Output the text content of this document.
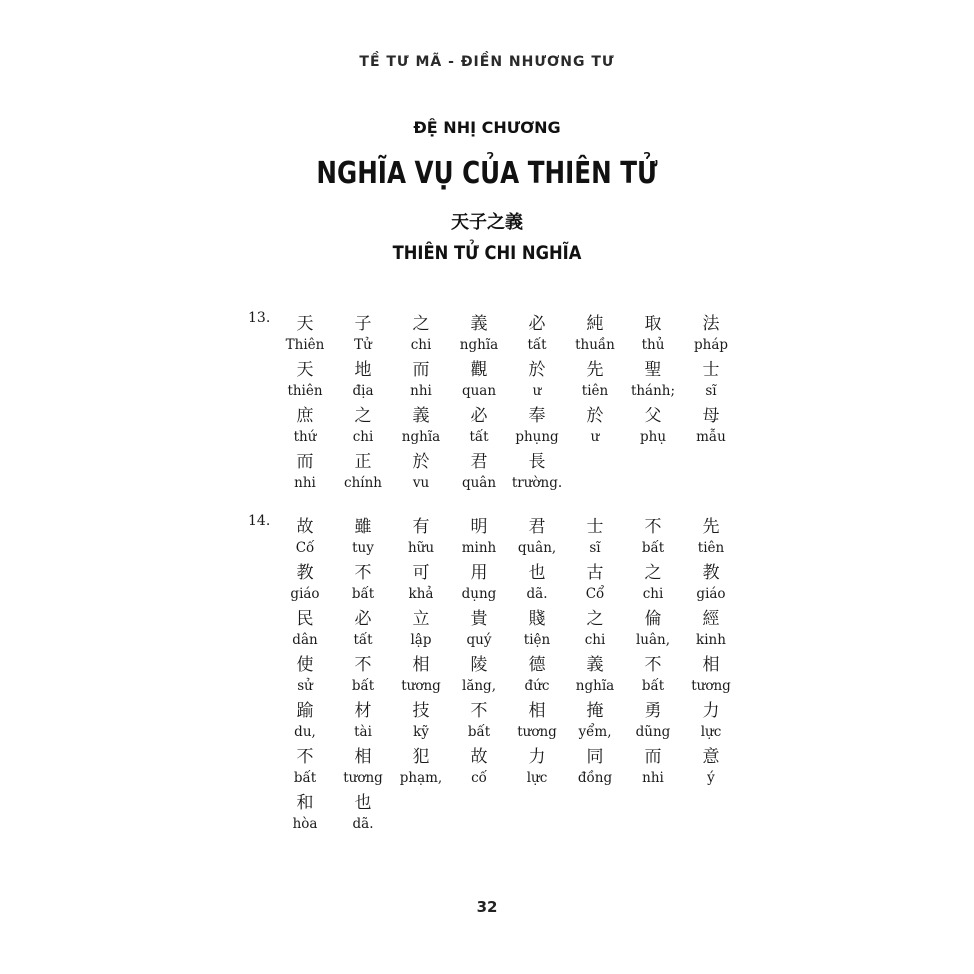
TỀ TƯ MÃ - ĐIỀN NHƯƠNG TƯ
ĐỆ NHỊ CHƯƠNG
NGHĨA VỤ CỦA THIÊN TỬ
天子之義
THIÊN TỬ CHI NGHĨA
13.	天	子	之	義	必	純	取	法
Thiên	Tử	chi	nghĩa	tất	thuần	thủ	pháp
天	地	而	觀	於	先	聖	士
thiên	địa	nhi	quan	ư	tiên	thánh;	sĩ
庶	之	義	必	奉	於	父	母
thứ	chi	nghĩa	tất	phụng	ư	phụ	mẫu
而	正	於	君	長
nhi	chính	vu	quân	trường.
14.	故	雖	有	明	君	士	不	先
Cố	tuy	hữu	minh	quân,	sĩ	bất	tiên
教	不	可	用	也	古	之	教
giáo	bất	khả	dụng	dã.	Cổ	chi	giáo
民	必	立	貴	賤	之	倫	經
dân	tất	lập	quý	tiện	chi	luân,	kinh
使	不	相	陵	德	義	不	相
sử	bất	tương	lăng,	đức	nghĩa	bất	tương
踰	材	技	不	相	掩	勇	力
du,	tài	kỹ	bất	tương	yểm,	dũng	lực
不	相	犯	故	力	同	而	意
bất	tương	phạm,	cố	lực	đồng	nhi	ý
和	也
hòa	dã.
32
